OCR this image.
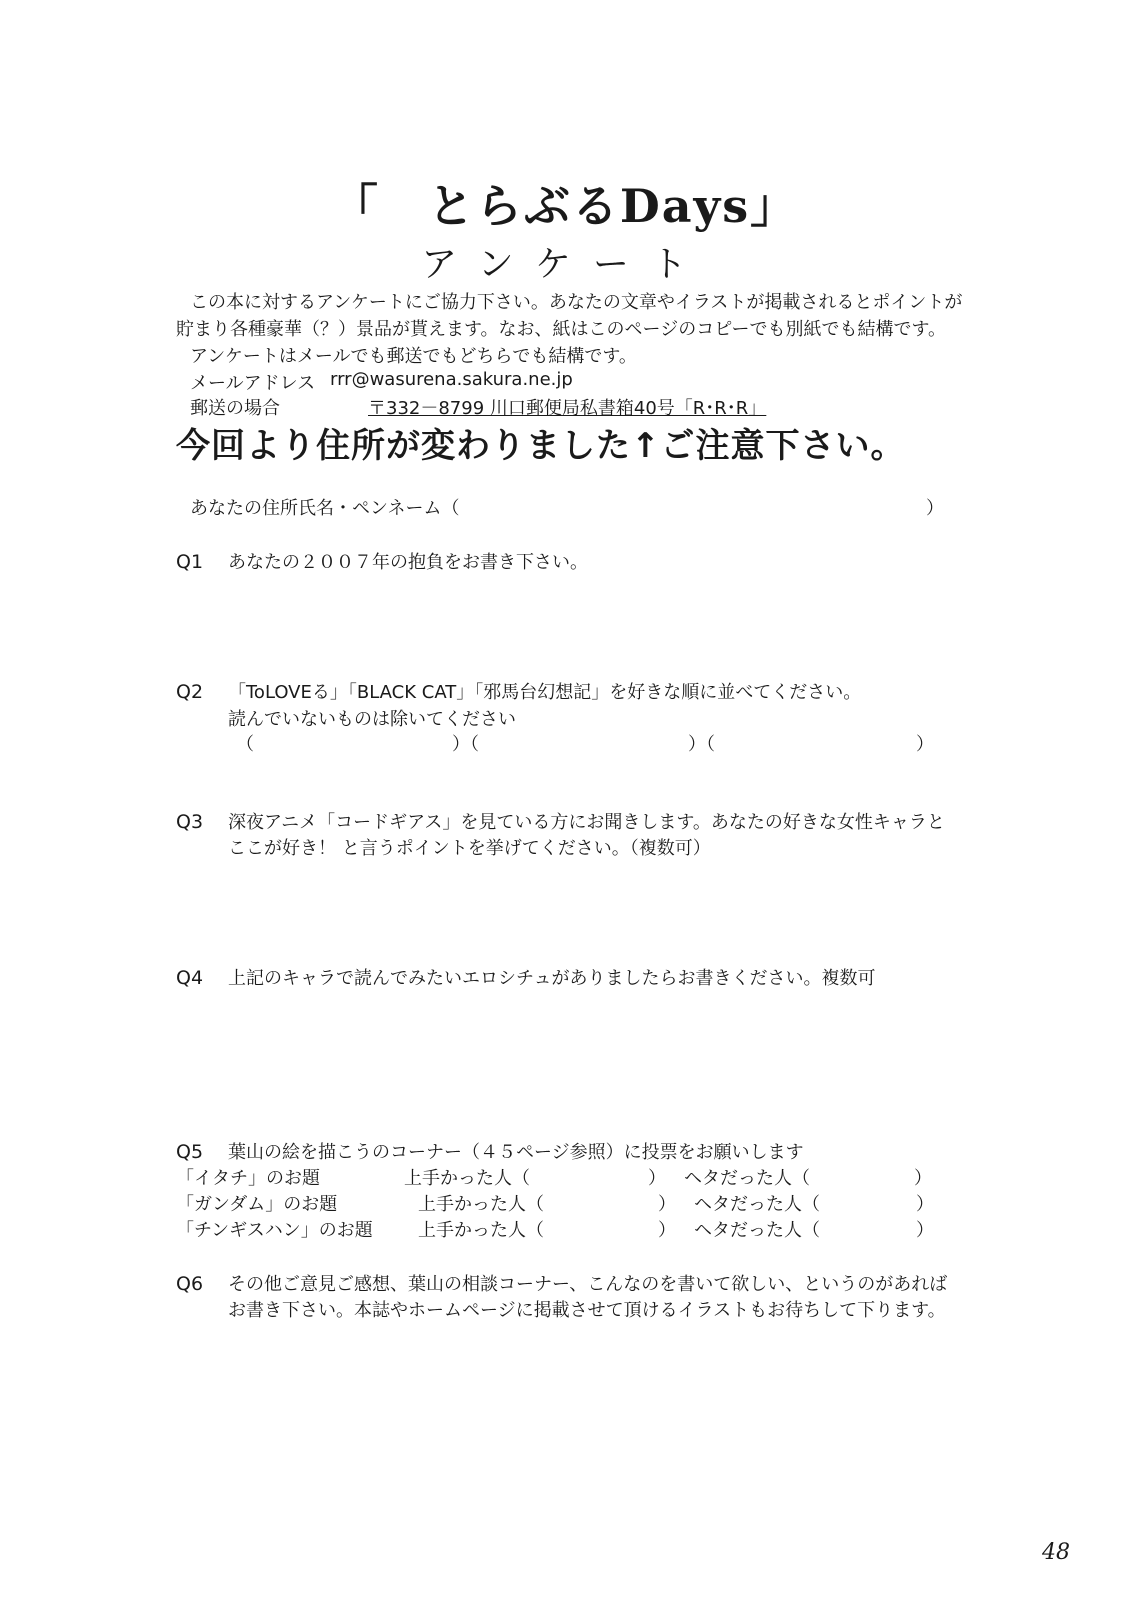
「　とらぶるDays」
アンケート
この本に対するアンケートにご協力下さい。あなたの文章やイラストが掲載されるとポイントが
貯まり各種豪華（？）景品が貰えます。なお、紙はこのページのコピーでも別紙でも結構です。
アンケートはメールでも郵送でもどちらでも結構です。
メールアドレス rrr@wasurena.sakura.ne.jp
郵送の場合	〒332－8799 川口郵便局私書箱40号「R･R･R」
今回より住所が変わりました↑ご注意下さい。
あなたの住所氏名・ペンネーム（	）
Q1 あなたの２００７年の抱負をお書き下さい。
Q2 「ToLOVEる」「BLACK CAT」「邪馬台幻想記」を好きな順に並べてください。
読んでいないものは除いてください
（	）（	）（	）
Q3 深夜アニメ「コードギアス」を見ている方にお聞きします。あなたの好きな女性キャラと
ここが好き！ と言うポイントを挙げてください。（複数可）
Q4 上記のキャラで読んでみたいエロシチュがありましたらお書きください。複数可
Q5 葉山の絵を描こうのコーナー（４５ページ参照）に投票をお願いします
「イタチ」のお題	上手かった人（	） ヘタだった人（	）
「ガンダム」のお題	上手かった人（	） ヘタだった人（	）
「チンギスハン」のお題	上手かった人（	） ヘタだった人（	）
Q6 その他ご意見ご感想、葉山の相談コーナー、こんなのを書いて欲しい、というのがあれば
お書き下さい。本誌やホームページに掲載させて頂けるイラストもお待ちして下ります。
48
